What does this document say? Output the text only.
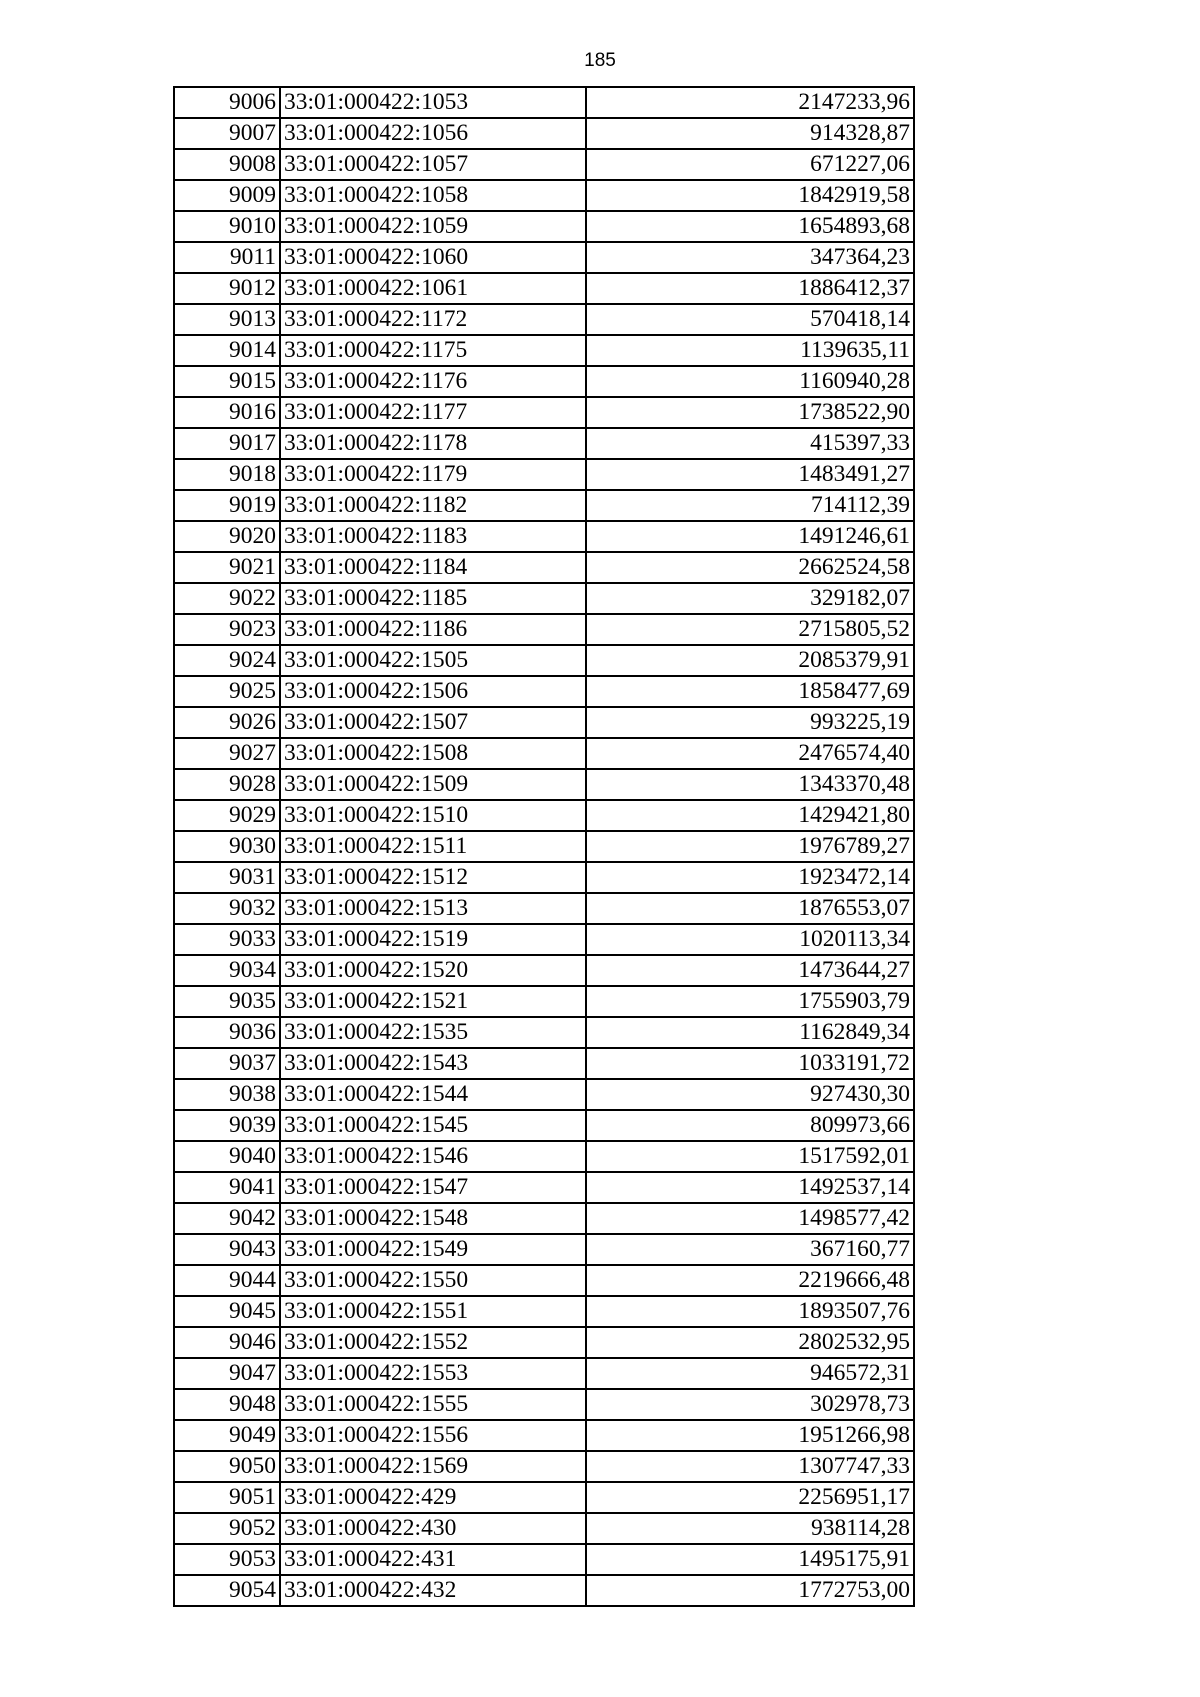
185
9006	33:01:000422:1053	2147233,96
9007	33:01:000422:1056	914328,87
9008	33:01:000422:1057	671227,06
9009	33:01:000422:1058	1842919,58
9010	33:01:000422:1059	1654893,68
9011	33:01:000422:1060	347364,23
9012	33:01:000422:1061	1886412,37
9013	33:01:000422:1172	570418,14
9014	33:01:000422:1175	1139635,11
9015	33:01:000422:1176	1160940,28
9016	33:01:000422:1177	1738522,90
9017	33:01:000422:1178	415397,33
9018	33:01:000422:1179	1483491,27
9019	33:01:000422:1182	714112,39
9020	33:01:000422:1183	1491246,61
9021	33:01:000422:1184	2662524,58
9022	33:01:000422:1185	329182,07
9023	33:01:000422:1186	2715805,52
9024	33:01:000422:1505	2085379,91
9025	33:01:000422:1506	1858477,69
9026	33:01:000422:1507	993225,19
9027	33:01:000422:1508	2476574,40
9028	33:01:000422:1509	1343370,48
9029	33:01:000422:1510	1429421,80
9030	33:01:000422:1511	1976789,27
9031	33:01:000422:1512	1923472,14
9032	33:01:000422:1513	1876553,07
9033	33:01:000422:1519	1020113,34
9034	33:01:000422:1520	1473644,27
9035	33:01:000422:1521	1755903,79
9036	33:01:000422:1535	1162849,34
9037	33:01:000422:1543	1033191,72
9038	33:01:000422:1544	927430,30
9039	33:01:000422:1545	809973,66
9040	33:01:000422:1546	1517592,01
9041	33:01:000422:1547	1492537,14
9042	33:01:000422:1548	1498577,42
9043	33:01:000422:1549	367160,77
9044	33:01:000422:1550	2219666,48
9045	33:01:000422:1551	1893507,76
9046	33:01:000422:1552	2802532,95
9047	33:01:000422:1553	946572,31
9048	33:01:000422:1555	302978,73
9049	33:01:000422:1556	1951266,98
9050	33:01:000422:1569	1307747,33
9051	33:01:000422:429	2256951,17
9052	33:01:000422:430	938114,28
9053	33:01:000422:431	1495175,91
9054	33:01:000422:432	1772753,00
